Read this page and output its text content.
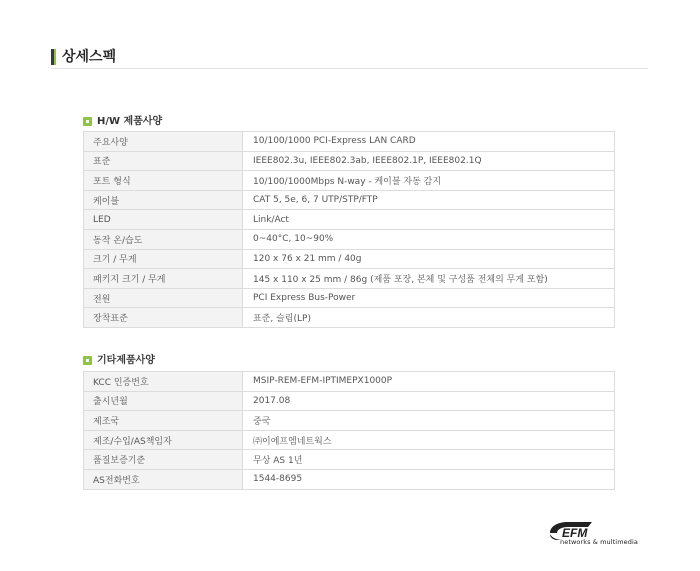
상세스펙
H/W 제품사양
주요사양	10/100/1000 PCI-Express LAN CARD
표준	IEEE802.3u, IEEE802.3ab, IEEE802.1P, IEEE802.1Q
포트 형식	10/100/1000Mbps N-way - 케이블 자동 감지
케이블	CAT 5, 5e, 6, 7 UTP/STP/FTP
LED	Link/Act
동작 온/습도	0~40°C, 10~90%
크기 / 무게	120 x 76 x 21 mm / 40g
패키지 크기 / 무게	145 x 110 x 25 mm / 86g (제품 포장, 본체 및 구성품 전체의 무게 포함)
전원	PCI Express Bus-Power
장착표준	표준, 슬림(LP)
기타제품사양
KCC 인증번호	MSIP-REM-EFM-IPTIMEPX1000P
출시년월	2017.08
제조국	중국
제조/수입/AS책임자	㈜이에프엠네트웍스
품질보증기준	무상 AS 1년
AS전화번호	1544-8695
EFM
networks & multimedia
